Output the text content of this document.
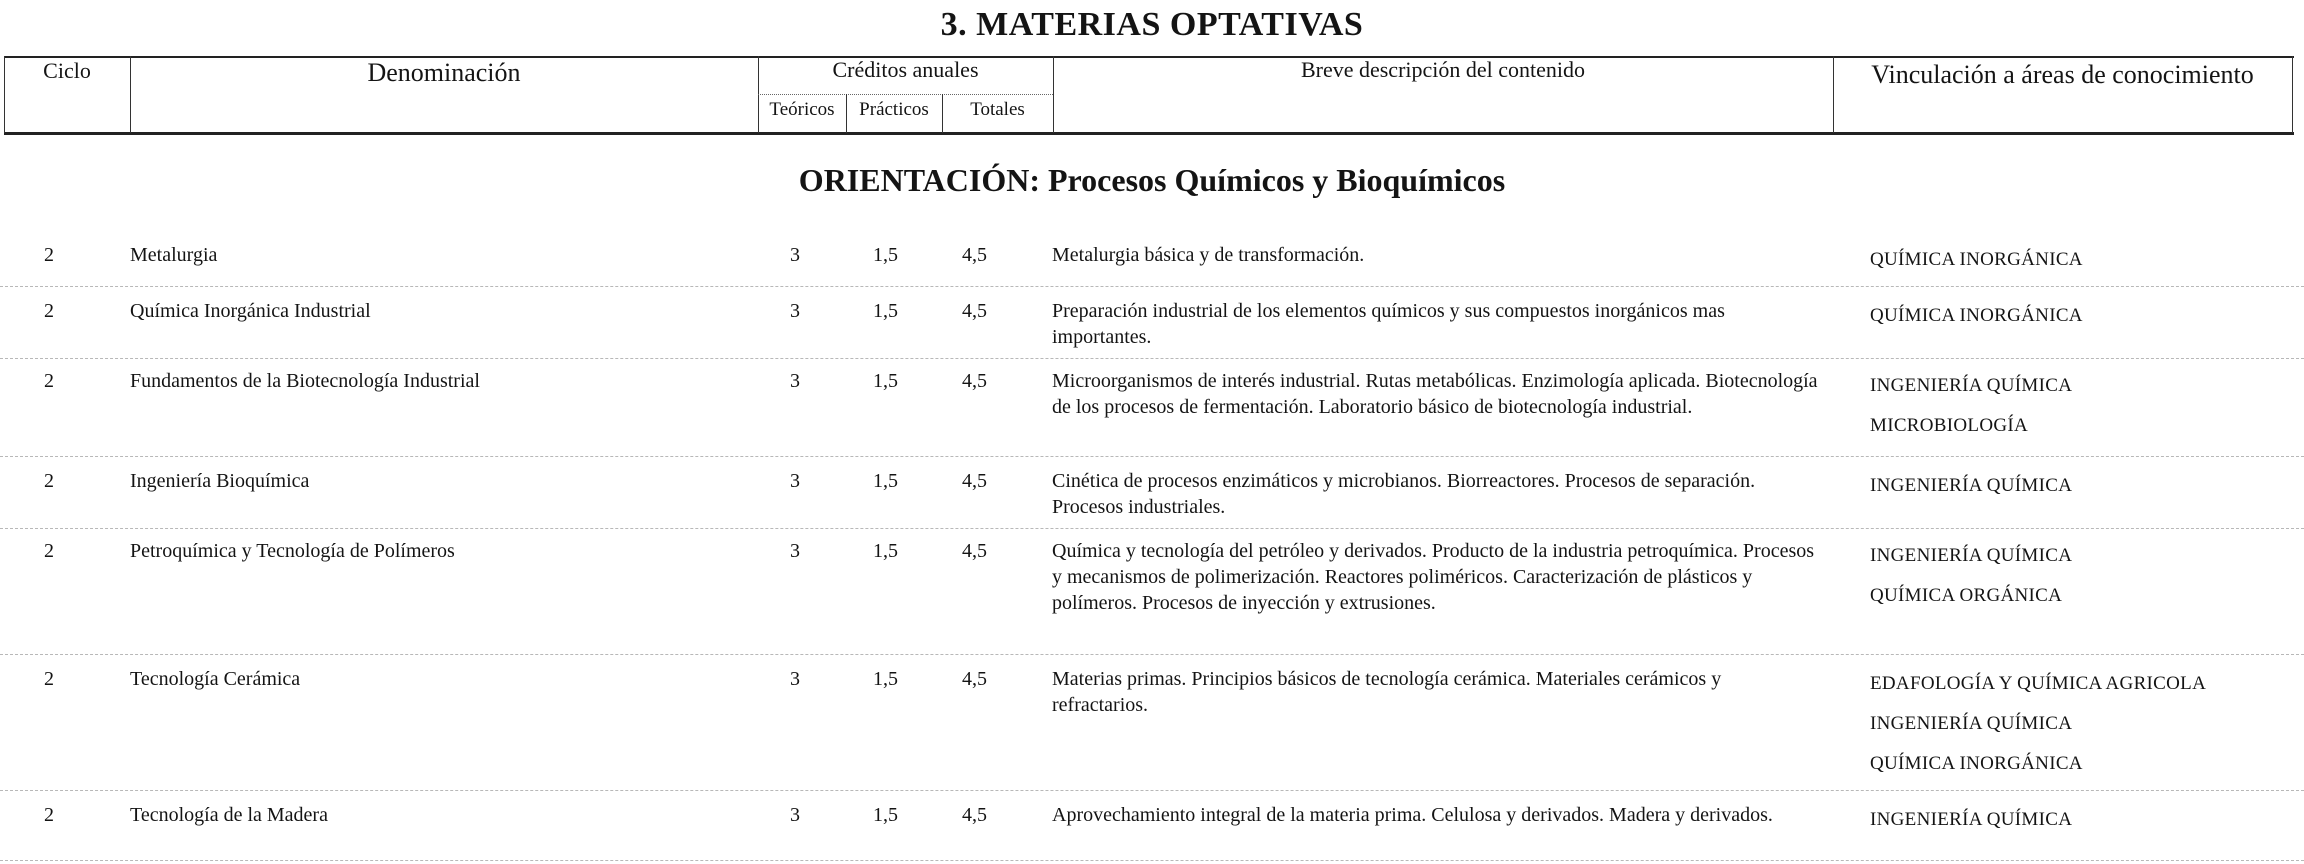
3. MATERIAS OPTATIVAS
Ciclo	Denominación	Créditos anuales
Teóricos	Prácticos	Totales
Breve descripción del contenido	Vinculación a áreas de conocimiento
ORIENTACIÓN: Procesos Químicos y Bioquímicos
2	Metalurgia	3	1,5	4,5	Metalurgia básica y de transformación.	QUÍMICA INORGÁNICA
2	Química Inorgánica Industrial	3	1,5	4,5	Preparación industrial de los elementos químicos y sus compuestos inorgánicos mas importantes.
QUÍMICA INORGÁNICA
2	Fundamentos de la Biotecnología Industrial	3	1,5	4,5	Microorganismos de interés industrial. Rutas metabólicas. Enzimología aplicada. Biotecnología de los procesos de fermentación. Laboratorio básico de biotecnología industrial.
INGENIERÍA QUÍMICA
MICROBIOLOGÍA
2	Ingeniería Bioquímica	3	1,5	4,5	Cinética de procesos enzimáticos y microbianos. Biorreactores. Procesos de separación. Procesos industriales.
INGENIERÍA QUÍMICA
2	Petroquímica y Tecnología de Polímeros	3	1,5	4,5	Química y tecnología del petróleo y derivados. Producto de la industria petroquímica. Procesos y mecanismos de polimerización. Reactores poliméricos. Caracterización de plásticos y polímeros. Procesos de inyección y extrusiones.
INGENIERÍA QUÍMICA
QUÍMICA ORGÁNICA
2	Tecnología Cerámica	3	1,5	4,5	Materias primas. Principios básicos de tecnología cerámica. Materiales cerámicos y refractarios.
EDAFOLOGÍA Y QUÍMICA AGRICOLA
INGENIERÍA QUÍMICA
QUÍMICA INORGÁNICA
2	Tecnología de la Madera	3	1,5	4,5	Aprovechamiento integral de la materia prima. Celulosa y derivados. Madera y derivados.	INGENIERÍA QUÍMICA
